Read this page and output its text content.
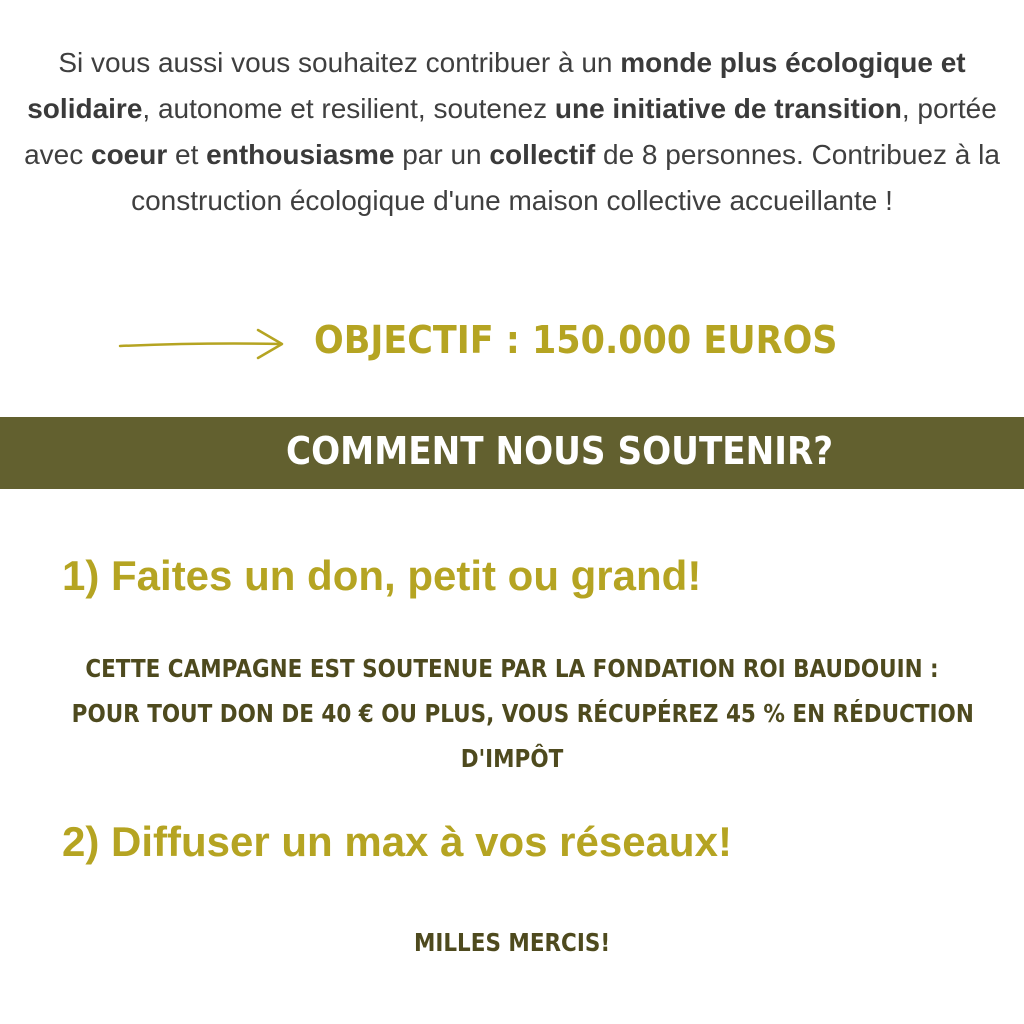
Si vous aussi vous souhaitez contribuer à un monde plus écologique et solidaire, autonome et resilient, soutenez une initiative de transition, portée avec coeur et enthousiasme par un collectif de 8 personnes. Contribuez à la construction écologique d'une maison collective accueillante !
OBJECTIF : 150.000 EUROS
COMMENT NOUS SOUTENIR?
1) Faites un don, petit ou grand!
CETTE CAMPAGNE EST SOUTENUE PAR LA FONDATION ROI BAUDOUIN :
POUR TOUT DON DE 40 € OU PLUS, VOUS RÉCUPÉREZ 45 % EN RÉDUCTION
D'IMPÔT
2) Diffuser un max à vos réseaux!
MILLES MERCIS!
